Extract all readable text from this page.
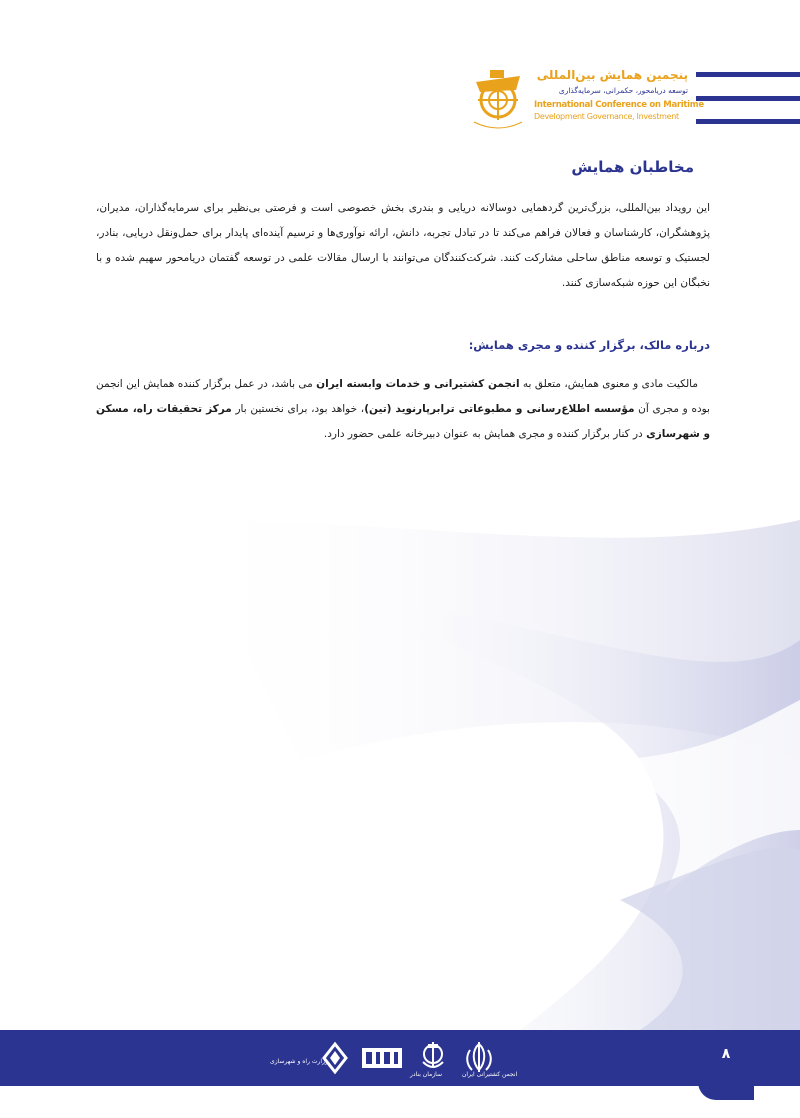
پنجمین همایش بین‌المللی
توسعه دریامحور، حکمرانی، سرمایه‌گذاری
International Conference on Maritime
Development Governance, Investment
مخاطبان همایش
این رویداد بین‌المللی، بزرگ‌ترین گردهمایی دوسالانه دریایی و بندری بخش خصوصی است و فرصتی بی‌نظیر برای سرمایه‌گذاران، مدیران، پژوهشگران، کارشناسان و فعالان فراهم می‌کند تا در تبادل تجربه، دانش، ارائه نوآوری‌ها و ترسیم آینده‌ای پایدار برای حمل‌ونقل دریایی، بنادر، لجستیک و توسعه مناطق ساحلی مشارکت کنند. شرکت‌کنندگان می‌توانند با ارسال مقالات علمی در توسعه گفتمان دریامحور سهیم شده و با نخبگان این حوزه شبکه‌سازی کنند.
درباره مالک، برگزار کننده و مجری همایش:
مالکیت مادی و معنوی همایش، متعلق به انجمن کشتیرانی و خدمات وابسته ایران می باشد، در عمل برگزار کننده همایش این انجمن بوده و مجری آن مؤسسه اطلاع‌رسانی و مطبوعاتی ترابرپارنوید (تین)، خواهد بود، برای نخستین بار مرکز تحقیقات راه، مسکن و شهرسازی در کنار برگزار کننده و مجری همایش به عنوان دبیرخانه علمی حضور دارد.
۸
انجمن کشتیرانی ایران
سازمان بنادر
وزارت راه و شهرسازی
